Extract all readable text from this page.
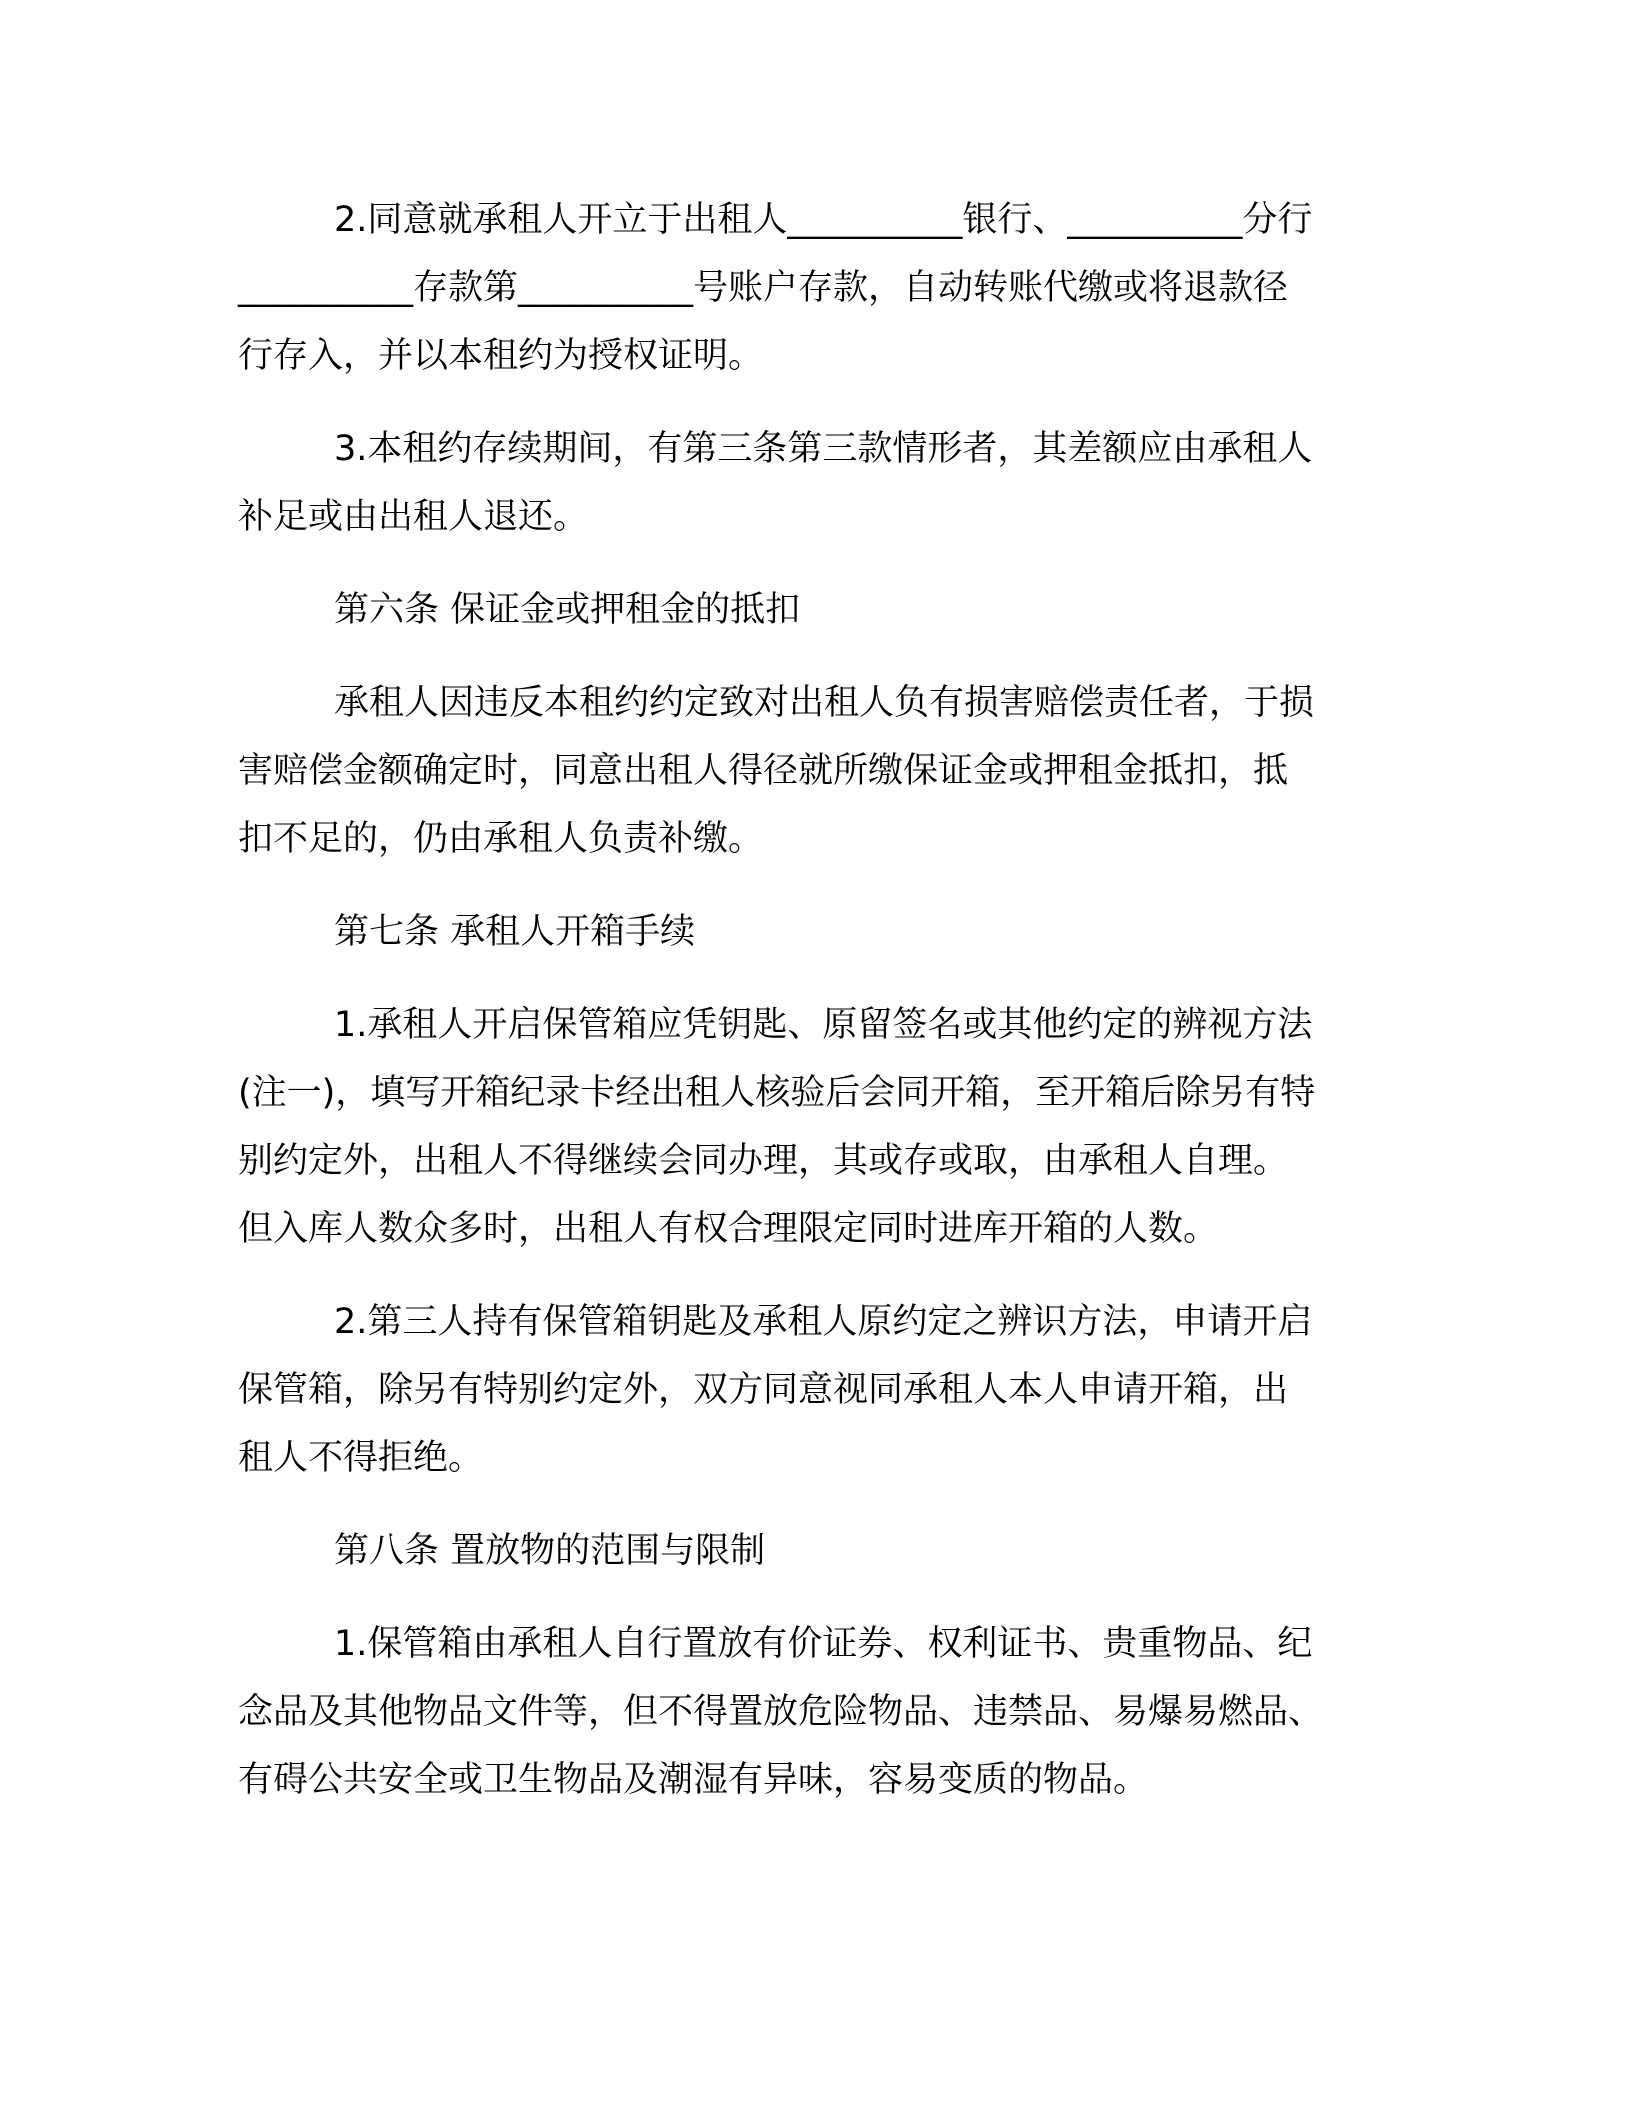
2.同意就承租人开立于出租人__________银行、__________分行
__________存款第__________号账户存款，自动转账代缴或将退款径
行存入，并以本租约为授权证明。
3.本租约存续期间，有第三条第三款情形者，其差额应由承租人
补足或由出租人退还。
第六条 保证金或押租金的抵扣
承租人因违反本租约约定致对出租人负有损害赔偿责任者，于损
害赔偿金额确定时，同意出租人得径就所缴保证金或押租金抵扣，抵
扣不足的，仍由承租人负责补缴。
第七条 承租人开箱手续
1.承租人开启保管箱应凭钥匙、原留签名或其他约定的辨视方法
(注一)，填写开箱纪录卡经出租人核验后会同开箱，至开箱后除另有特
别约定外，出租人不得继续会同办理，其或存或取，由承租人自理。
但入库人数众多时，出租人有权合理限定同时进库开箱的人数。
2.第三人持有保管箱钥匙及承租人原约定之辨识方法，申请开启
保管箱，除另有特别约定外，双方同意视同承租人本人申请开箱，出
租人不得拒绝。
第八条 置放物的范围与限制
1.保管箱由承租人自行置放有价证券、权利证书、贵重物品、纪
念品及其他物品文件等，但不得置放危险物品、违禁品、易爆易燃品、
有碍公共安全或卫生物品及潮湿有异味，容易变质的物品。
